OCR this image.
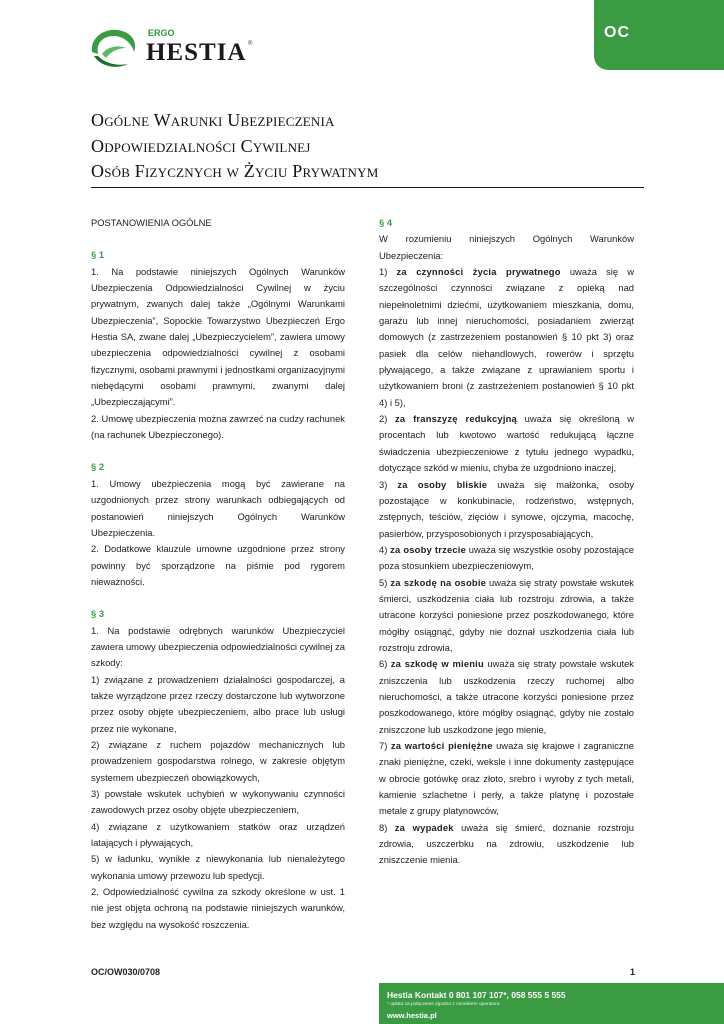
ERGO
HESTIA ®
OC
Ogólne Warunki Ubezpieczenia
Odpowiedzialności Cywilnej
Osób Fizycznych w Życiu Prywatnym

POSTANOWIENIA OGÓLNE

§ 1

1. Na podstawie niniejszych Ogólnych Warunków Ubezpieczenia Odpowiedzialności Cywilnej w życiu prywatnym, zwanych dalej także „Ogólnymi Warunkami Ubezpieczenia”, Sopockie Towarzystwo Ubezpieczeń Ergo Hestia SA, zwane dalej „Ubezpieczycielem”, zawiera umowy ubezpieczenia odpowiedzialności cywilnej z osobami fizycznymi, osobami prawnymi i jednostkami organizacyjnymi niebędącymi osobami prawnymi, zwanymi dalej „Ubezpieczającymi”.

2. Umowę ubezpieczenia można zawrzeć na cudzy rachunek (na rachunek Ubezpieczonego).

§ 2

1. Umowy ubezpieczenia mogą być zawierane na uzgodnionych przez strony warunkach odbiegających od postanowień niniejszych Ogólnych Warunków Ubezpieczenia.

2. Dodatkowe klauzule umowne uzgodnione przez strony powinny być sporządzone na piśmie pod rygorem nieważności.

§ 3

1. Na podstawie odrębnych warunków Ubezpieczyciel zawiera umowy ubezpieczenia odpowiedzialności cywilnej za szkody:

1) związane z prowadzeniem działalności gospodarczej, a także wyrządzone przez rzeczy dostarczone lub wytworzone przez osoby objęte ubezpieczeniem, albo prace lub usługi przez nie wykonane,

2) związane z ruchem pojazdów mechanicznych lub prowadzeniem gospodarstwa rolnego, w zakresie objętym systemem ubezpieczeń obowiązkowych,

3) powstałe wskutek uchybień w wykonywaniu czynności zawodowych przez osoby objęte ubezpieczeniem,

4) związane z użytkowaniem statków oraz urządzeń latających i pływających,

5) w ładunku, wynikłe z niewykonania lub nienależytego wykonania umowy przewozu lub spedycji.

2. Odpowiedzialność cywilna za szkody określone w ust. 1 nie jest objęta ochroną na podstawie niniejszych warunków, bez względu na wysokość roszczenia.

§ 4

W rozumieniu niniejszych Ogólnych Warunków Ubezpieczenia:

1) za czynności życia prywatnego uważa się w szczególności czynności związane z opieką nad niepełnoletnimi dziećmi, użytkowaniem mieszkania, domu, garażu lub innej nieruchomości, posiadaniem zwierząt domowych (z zastrzeżeniem postanowień § 10 pkt 3) oraz pasiek dla celów niehandlowych, rowerów i sprzętu pływającego, a także związane z uprawianiem sportu i użytkowaniem broni (z zastrzeżeniem postanowień § 10 pkt 4) i 5),

2) za franszyzę redukcyjną uważa się określoną w procentach lub kwotowo wartość redukującą łączne świadczenia ubezpieczeniowe z tytułu jednego wypadku, dotyczące szkód w mieniu, chyba że uzgodniono inaczej,

3) za osoby bliskie uważa się małżonka, osoby pozostające w konkubinacie, rodzeństwo, wstępnych, zstępnych, teściów, zięciów i synowe, ojczyma, macochę, pasierbów, przysposobionych i przysposabiających,

4) za osoby trzecie uważa się wszystkie osoby pozostające poza stosunkiem ubezpieczeniowym,

5) za szkodę na osobie uważa się straty powstałe wskutek śmierci, uszkodzenia ciała lub rozstroju zdrowia, a także utracone korzyści poniesione przez poszkodowanego, które mógłby osiągnąć, gdyby nie doznał uszkodzenia ciała lub rozstroju zdrowia,

6) za szkodę w mieniu uważa się straty powstałe wskutek zniszczenia lub uszkodzenia rzeczy ruchomej albo nieruchomości, a także utracone korzyści poniesione przez poszkodowanego, które mógłby osiągnąć, gdyby nie zostało zniszczone lub uszkodzone jego mienie,

7) za wartości pieniężne uważa się krajowe i zagraniczne znaki pieniężne, czeki, weksle i inne dokumenty zastępujące w obrocie gotówkę oraz złoto, srebro i wyroby z tych metali, kamienie szlachetne i perły, a także platynę i pozostałe metale z grupy platynowców,

8) za wypadek uważa się śmierć, doznanie rozstroju zdrowia, uszczerbku na zdrowiu, uszkodzenie lub zniszczenie mienia.

OC/OW030/0708	1
Hestia Kontakt 0 801 107 107*, 058 555 5 555
* opłata za połączenie zgodna z cennikiem operatora
www.hestia.pl
